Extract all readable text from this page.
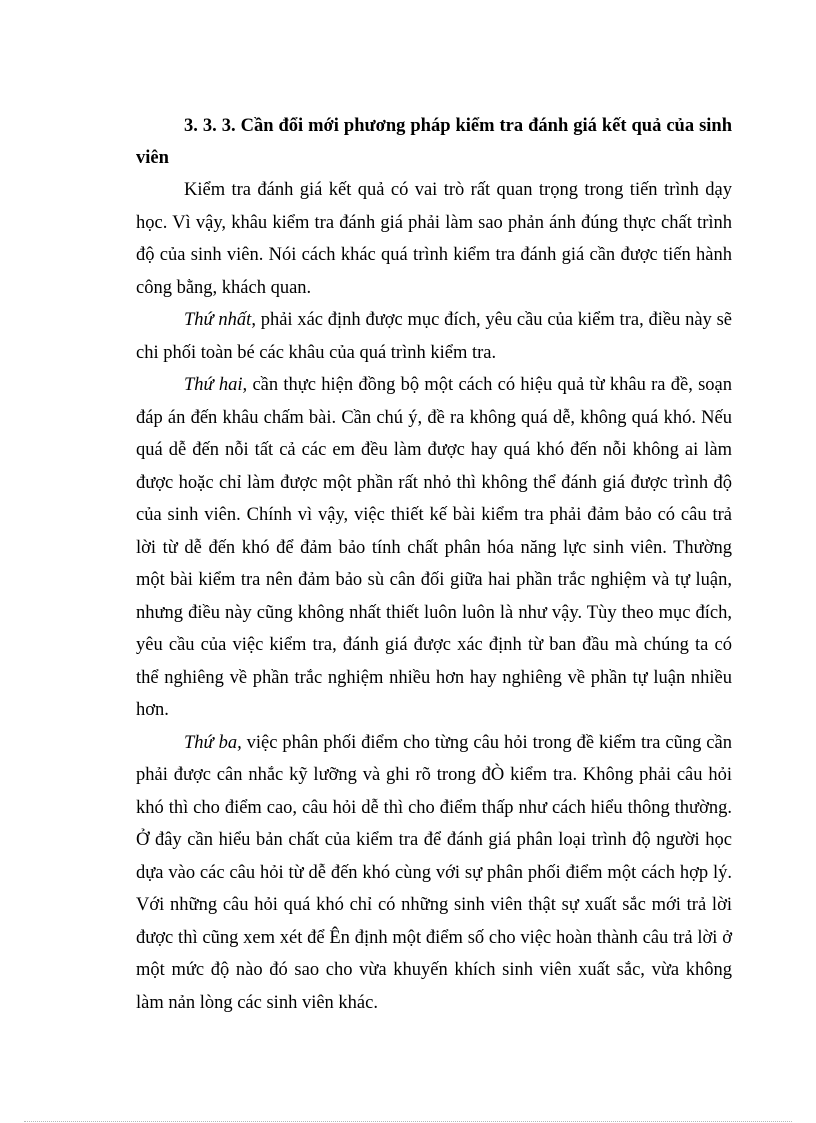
3. 3. 3. Cần đổi mới phương pháp kiểm tra đánh giá kết quả của sinh viên

Kiểm tra đánh giá kết quả có vai trò rất quan trọng trong tiến trình dạy học. Vì vậy, khâu kiểm tra đánh giá phải làm sao phản ánh đúng thực chất trình độ của sinh viên. Nói cách khác quá trình kiểm tra đánh giá cần được tiến hành công bằng, khách quan.

Thứ nhất, phải xác định được mục đích, yêu cầu của kiểm tra, điều này sẽ chi phối toàn bé các khâu của quá trình kiểm tra.

Thứ hai, cần thực hiện đồng bộ một cách có hiệu quả từ khâu ra đề, soạn đáp án đến khâu chấm bài. Cần chú ý, đề ra không quá dễ, không quá khó. Nếu quá dễ đến nỗi tất cả các em đều làm được hay quá khó đến nỗi không ai làm được hoặc chỉ làm được một phần rất nhỏ thì không thể đánh giá được trình độ của sinh viên. Chính vì vậy, việc thiết kế bài kiểm tra phải đảm bảo có câu trả lời từ dễ đến khó để đảm bảo tính chất phân hóa năng lực sinh viên. Thường một bài kiểm tra nên đảm bảo sù cân đối giữa hai phần trắc nghiệm và tự luận, nhưng điều này cũng không nhất thiết luôn luôn là như vậy. Tùy theo mục đích, yêu cầu của việc kiểm tra, đánh giá được xác định từ ban đầu mà chúng ta có thể nghiêng về phần trắc nghiệm nhiều hơn hay nghiêng về phần tự luận nhiều hơn.

Thứ ba, việc phân phối điểm cho từng câu hỏi trong đề kiểm tra cũng cần phải được cân nhắc kỹ lưỡng và ghi rõ trong đÒ kiểm tra. Không phải câu hỏi khó thì cho điểm cao, câu hỏi dễ thì cho điểm thấp như cách hiểu thông thường. Ở đây cần hiểu bản chất của kiểm tra để đánh giá phân loại trình độ người học dựa vào các câu hỏi từ dễ đến khó cùng với sự phân phối điểm một cách hợp lý. Với những câu hỏi quá khó chỉ có những sinh viên thật sự xuất sắc mới trả lời được thì cũng xem xét để Ên định một điểm số cho việc hoàn thành câu trả lời ở một mức độ nào đó sao cho vừa khuyến khích sinh viên xuất sắc, vừa không làm nản lòng các sinh viên khác.
